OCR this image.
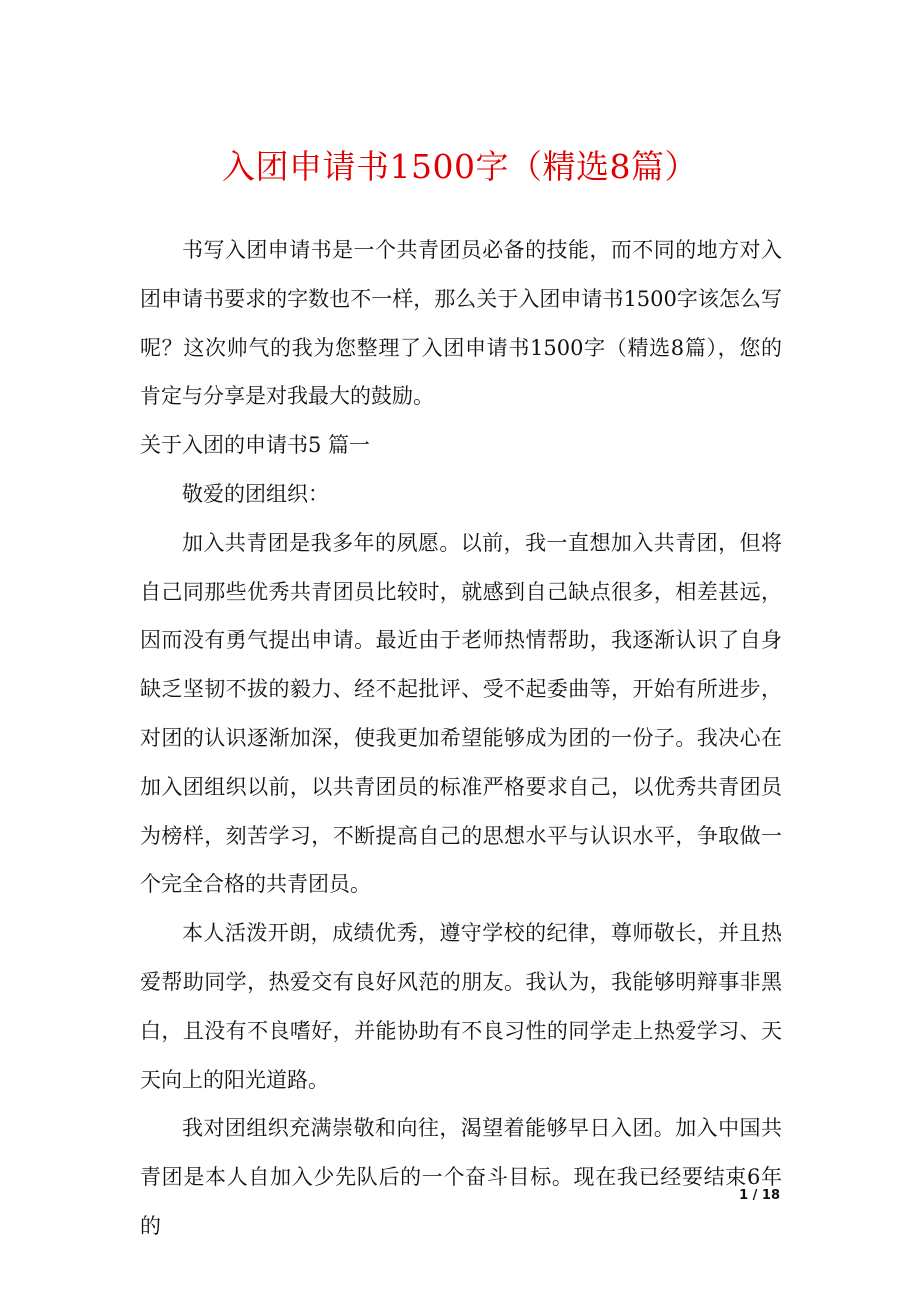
入团申请书1500字（精选8篇）

书写入团申请书是一个共青团员必备的技能，而不同的地方对入团申请书要求的字数也不一样，那么关于入团申请书1500字该怎么写呢？这次帅气的我为您整理了入团申请书1500字（精选8篇），您的肯定与分享是对我最大的鼓励。

关于入团的申请书5 篇一

敬爱的团组织：

加入共青团是我多年的夙愿。以前，我一直想加入共青团，但将自己同那些优秀共青团员比较时，就感到自己缺点很多，相差甚远，因而没有勇气提出申请。最近由于老师热情帮助，我逐渐认识了自身缺乏坚韧不拔的毅力、经不起批评、受不起委曲等，开始有所进步，对团的认识逐渐加深，使我更加希望能够成为团的一份子。我决心在加入团组织以前，以共青团员的标准严格要求自己，以优秀共青团员为榜样，刻苦学习，不断提高自己的思想水平与认识水平，争取做一个完全合格的共青团员。

本人活泼开朗，成绩优秀，遵守学校的纪律，尊师敬长，并且热爱帮助同学，热爱交有良好风范的朋友。我认为，我能够明辩事非黑白，且没有不良嗜好，并能协助有不良习性的同学走上热爱学习、天天向上的阳光道路。

我对团组织充满崇敬和向往，渴望着能够早日入团。加入中国共青团是本人自加入少先队后的一个奋斗目标。现在我已经要结束6年的

1 / 18
